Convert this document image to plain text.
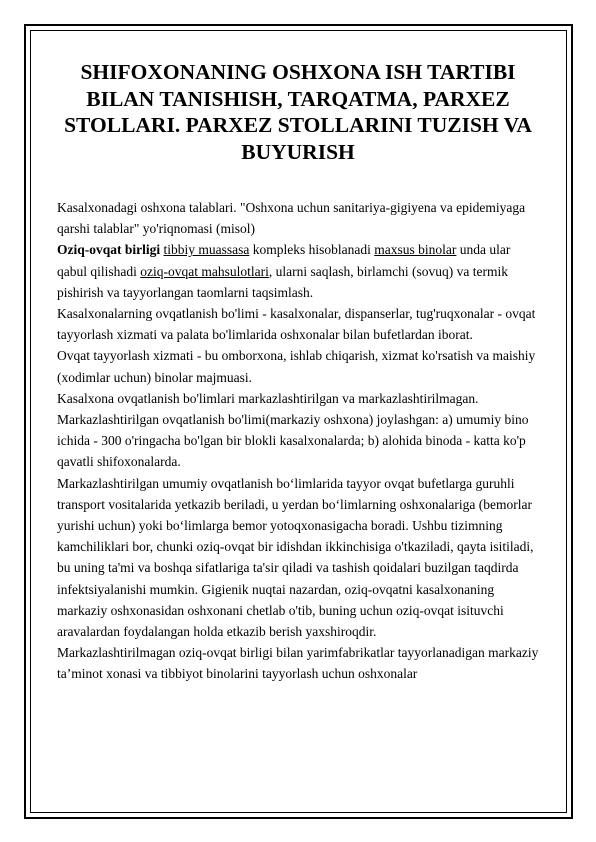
SHIFOXONANING OSHXONA ISH TARTIBI BILAN TANISHISH, TARQATMA, PARXEZ STOLLARI. PARXEZ STOLLARINI TUZISH VA BUYURISH

Kasalxonadagi oshxona talablari. "Oshxona uchun sanitariya-gigiyena va epidemiyaga qarshi talablar" yo'riqnomasi (misol)

Oziq-ovqat birligi tibbiy muassasa kompleks hisoblanadi maxsus binolar unda ular qabul qilishadi oziq-ovqat mahsulotlari, ularni saqlash, birlamchi (sovuq) va termik pishirish va tayyorlangan taomlarni taqsimlash.

Kasalxonalarning ovqatlanish bo'limi - kasalxonalar, dispanserlar, tug'ruqxonalar - ovqat tayyorlash xizmati va palata bo'limlarida oshxonalar bilan bufetlardan iborat.

Ovqat tayyorlash xizmati - bu omborxona, ishlab chiqarish, xizmat ko'rsatish va maishiy (xodimlar uchun) binolar majmuasi.

Kasalxona ovqatlanish bo'limlari markazlashtirilgan va markazlashtirilmagan.

Markazlashtirilgan ovqatlanish bo'limi(markaziy oshxona) joylashgan: a) umumiy bino ichida - 300 o'ringacha bo'lgan bir blokli kasalxonalarda; b) alohida binoda - katta ko'p qavatli shifoxonalarda.

Markazlashtirilgan umumiy ovqatlanish bo‘limlarida tayyor ovqat bufetlarga guruhli transport vositalarida yetkazib beriladi, u yerdan bo‘limlarning oshxonalariga (bemorlar yurishi uchun) yoki bo‘limlarga bemor yotoqxonasigacha boradi. Ushbu tizimning kamchiliklari bor, chunki oziq-ovqat bir idishdan ikkinchisiga o'tkaziladi, qayta isitiladi, bu uning ta'mi va boshqa sifatlariga ta'sir qiladi va tashish qoidalari buzilgan taqdirda infektsiyalanishi mumkin. Gigienik nuqtai nazardan, oziq-ovqatni kasalxonaning markaziy oshxonasidan oshxonani chetlab o'tib, buning uchun oziq-ovqat isituvchi aravalardan foydalangan holda etkazib berish yaxshiroqdir.

Markazlashtirilmagan oziq-ovqat birligi bilan yarimfabrikatlar tayyorlanadigan markaziy ta’minot xonasi va tibbiyot binolarini tayyorlash uchun oshxonalar
